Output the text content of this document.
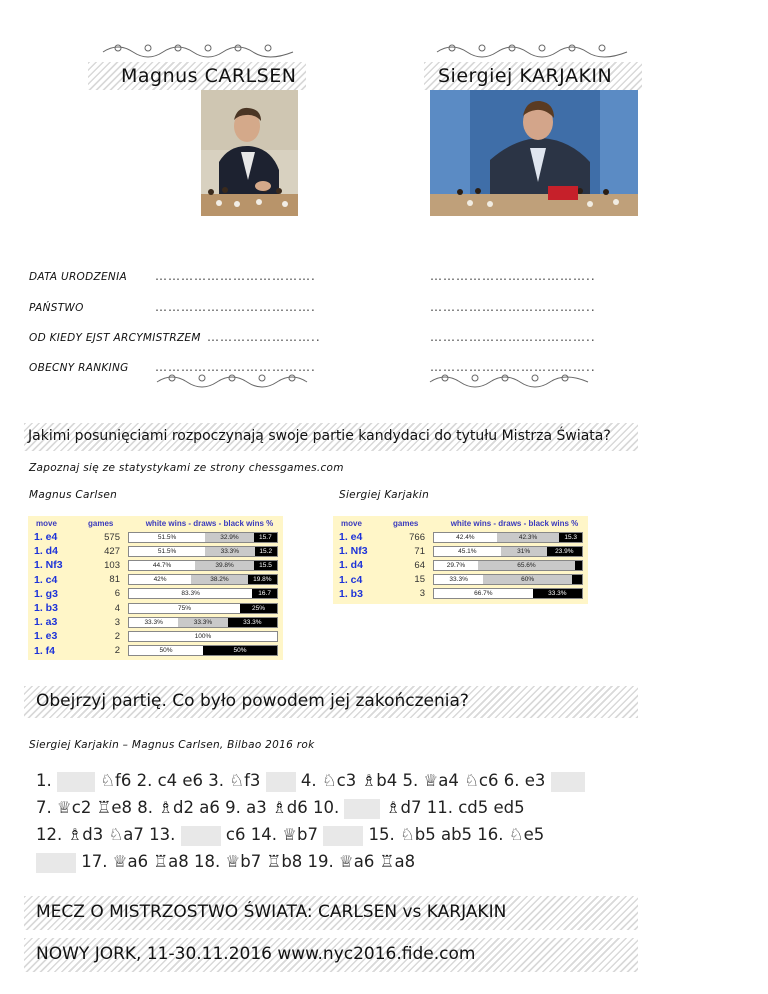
Magnus CARLSEN	Siergiej KARJAKIN
DATA URODZENIA ……………………………….	………………………………..
PAŃSTWO	……………………………….	………………………………..
OD KIEDY EJST ARCYMISTRZEM ……………………..	………………………………..
OBECNY RANKING ……………………………….	………………………………..
Jakimi posunięciami rozpoczynają swoje partie kandydaci do tytułu Mistrza Świata?
Zapoznaj się ze statystykami ze strony chessgames.com
Magnus Carlsen	Siergiej Karjakin
move	games	white wins - draws - black wins %
1. e4	575	51.5% 32.9% 15.7

1. d4	427	51.5% 33.3% 15.2

1. Nf3	103	44.7% 39.8% 15.5

1. c4	81	42% 38.2% 19.8%

1. g3	6	83.3% 16.7

1. b3	4	75% 25%

1. a3	3	33.3% 33.3% 33.3%

1. e3	2	100%

1. f4	2	50% 50%
move	games	white wins - draws - black wins %
1. e4	766	42.4% 42.3% 15.3

1. Nf3	71	45.1% 31% 23.9%

1. d4	64	29.7% 65.6%

1. c4	15	33.3% 60%

1. b3	3	66.7% 33.3%
Obejrzyj partię. Co było powodem jej zakończenia?
Siergiej Karjakin – Magnus Carlsen, Bilbao 2016 rok
1.	♘f6 2. c4 e6 3. ♘f3 4. ♘c3 ♗b4 5. ♕a4 ♘c6 6. e3
7. ♕c2 ♖e8 8. ♗d2 a6 9. a3 ♗d6 10.	♗d7 11. cd5 ed5
12. ♗d3 ♘a7 13.	c6 14. ♕b7	15. ♘b5 ab5 16. ♘e5
17. ♕a6 ♖a8 18. ♕b7 ♖b8 19. ♕a6 ♖a8
MECZ O MISTRZOSTWO ŚWIATA: CARLSEN vs KARJAKIN
NOWY JORK, 11-30.11.2016 www.nyc2016.fide.com
